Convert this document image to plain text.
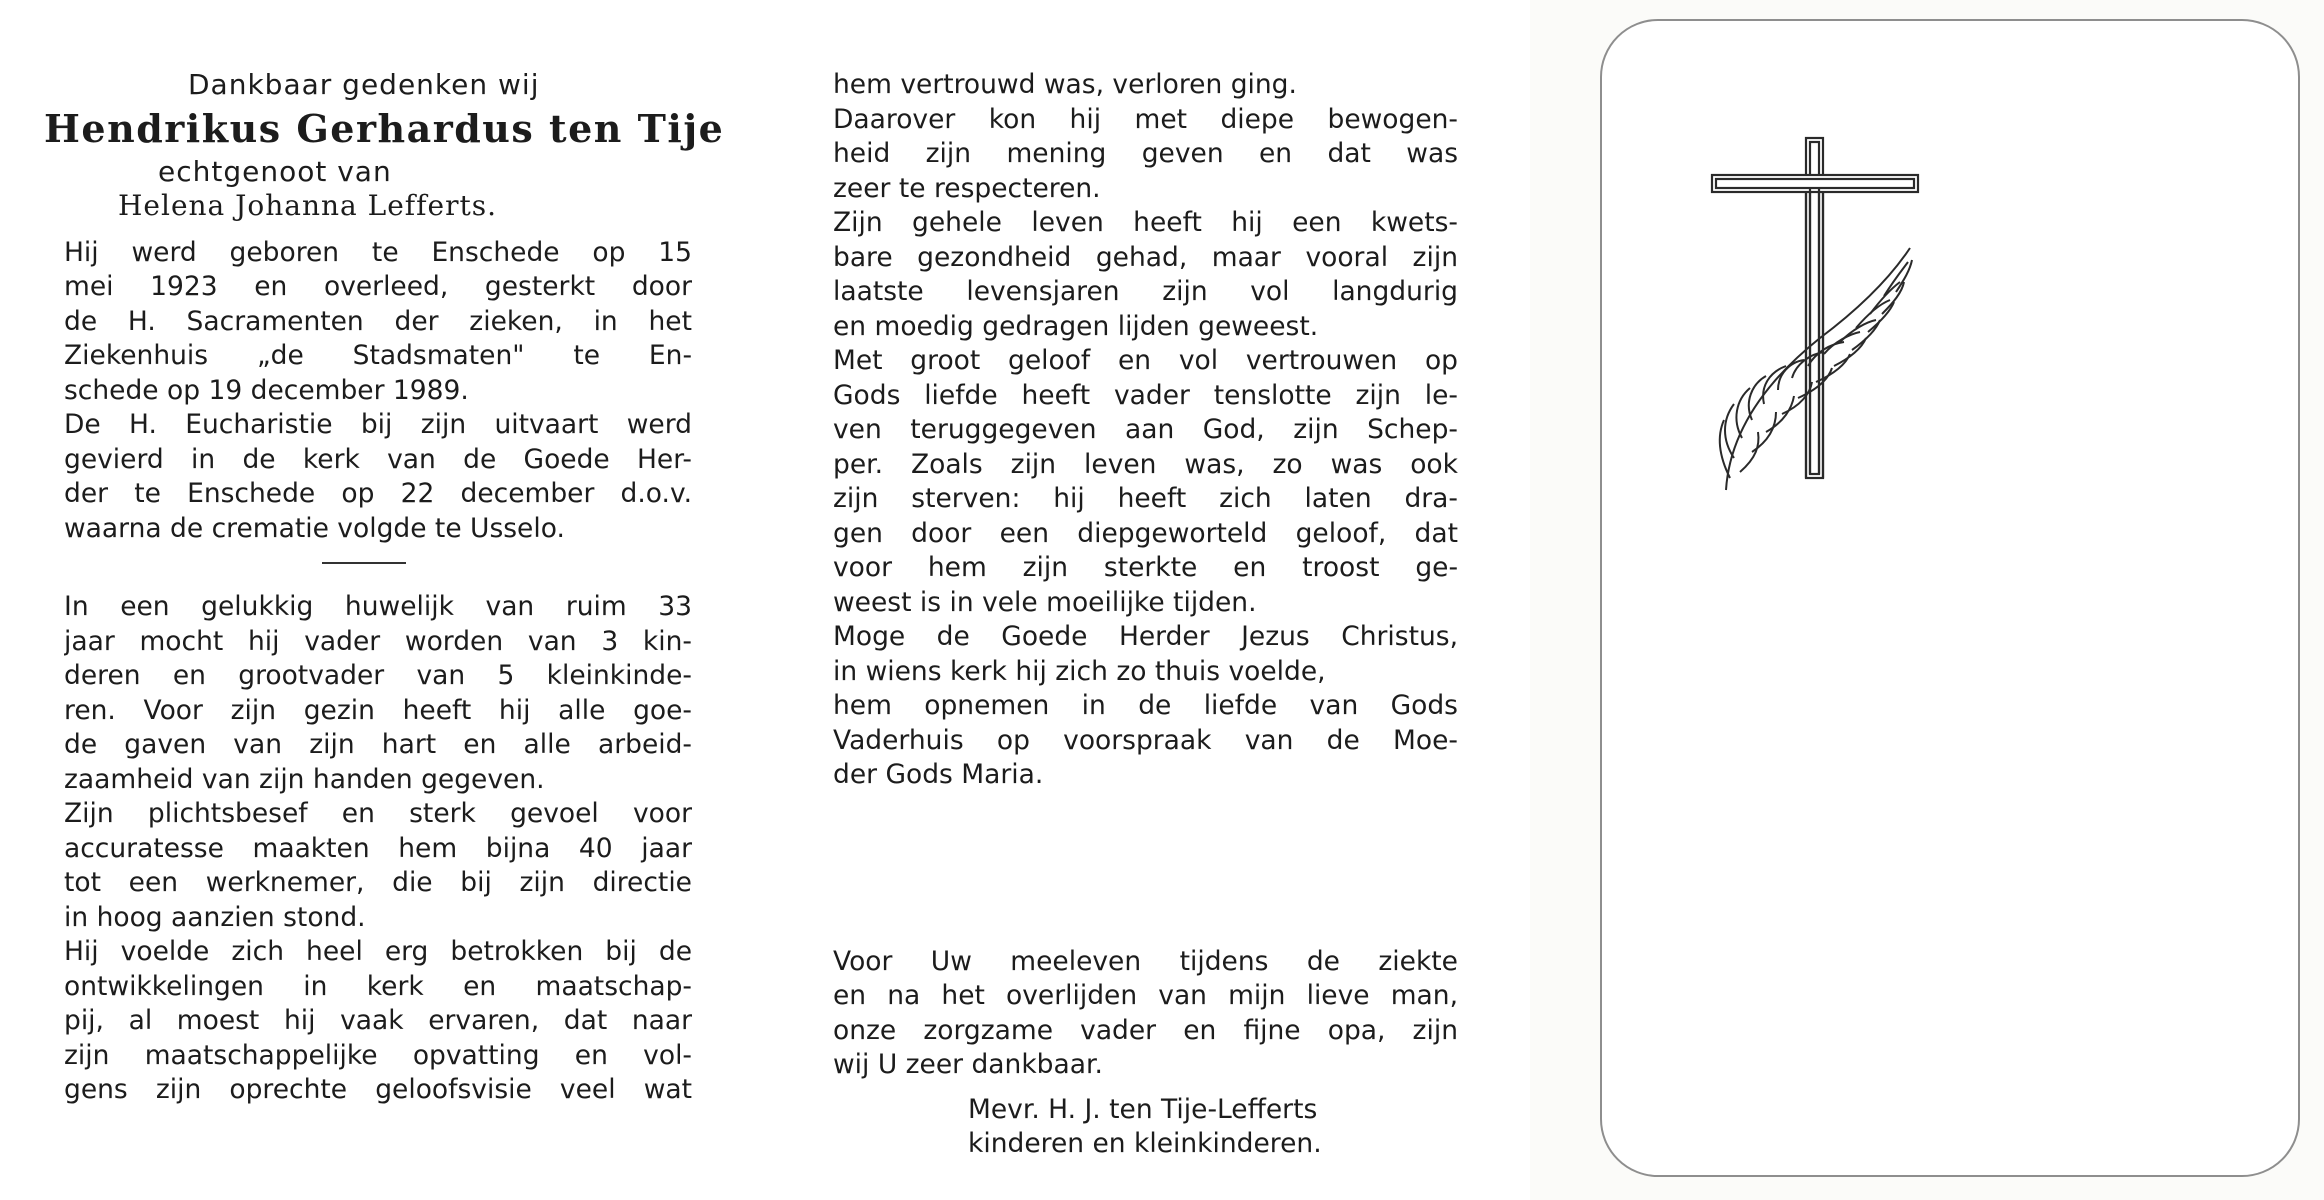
Dankbaar gedenken wij
Hendrikus Gerhardus ten Tije
echtgenoot van
Helena Johanna Lefferts.
Hij werd geboren te Enschede op 15
mei 1923 en overleed, gesterkt door
de H. Sacramenten der zieken, in het
Ziekenhuis „de Stadsmaten" te En-
schede op 19 december 1989.
De H. Eucharistie bij zijn uitvaart werd
gevierd in de kerk van de Goede Her-
der te Enschede op 22 december d.o.v.
waarna de crematie volgde te Usselo.
In een gelukkig huwelijk van ruim 33
jaar mocht hij vader worden van 3 kin-
deren en grootvader van 5 kleinkinde-
ren. Voor zijn gezin heeft hij alle goe-
de gaven van zijn hart en alle arbeid-
zaamheid van zijn handen gegeven.
Zijn plichtsbesef en sterk gevoel voor
accuratesse maakten hem bijna 40 jaar
tot een werknemer, die bij zijn directie
in hoog aanzien stond.
Hij voelde zich heel erg betrokken bij de
ontwikkelingen in kerk en maatschap-
pij, al moest hij vaak ervaren, dat naar
zijn maatschappelijke opvatting en vol-
gens zijn oprechte geloofsvisie veel wat
hem vertrouwd was, verloren ging.
Daarover kon hij met diepe bewogen-
heid zijn mening geven en dat was
zeer te respecteren.
Zijn gehele leven heeft hij een kwets-
bare gezondheid gehad, maar vooral zijn
laatste levensjaren zijn vol langdurig
en moedig gedragen lijden geweest.
Met groot geloof en vol vertrouwen op
Gods liefde heeft vader tenslotte zijn le-
ven teruggegeven aan God, zijn Schep-
per. Zoals zijn leven was, zo was ook
zijn sterven: hij heeft zich laten dra-
gen door een diepgeworteld geloof, dat
voor hem zijn sterkte en troost ge-
weest is in vele moeilijke tijden.
Moge de Goede Herder Jezus Christus,
in wiens kerk hij zich zo thuis voelde,
hem opnemen in de liefde van Gods
Vaderhuis op voorspraak van de Moe-
der Gods Maria.
Voor Uw meeleven tijdens de ziekte
en na het overlijden van mijn lieve man,
onze zorgzame vader en fijne opa, zijn
wij U zeer dankbaar.
Mevr. H. J. ten Tije-Lefferts
kinderen en kleinkinderen.
